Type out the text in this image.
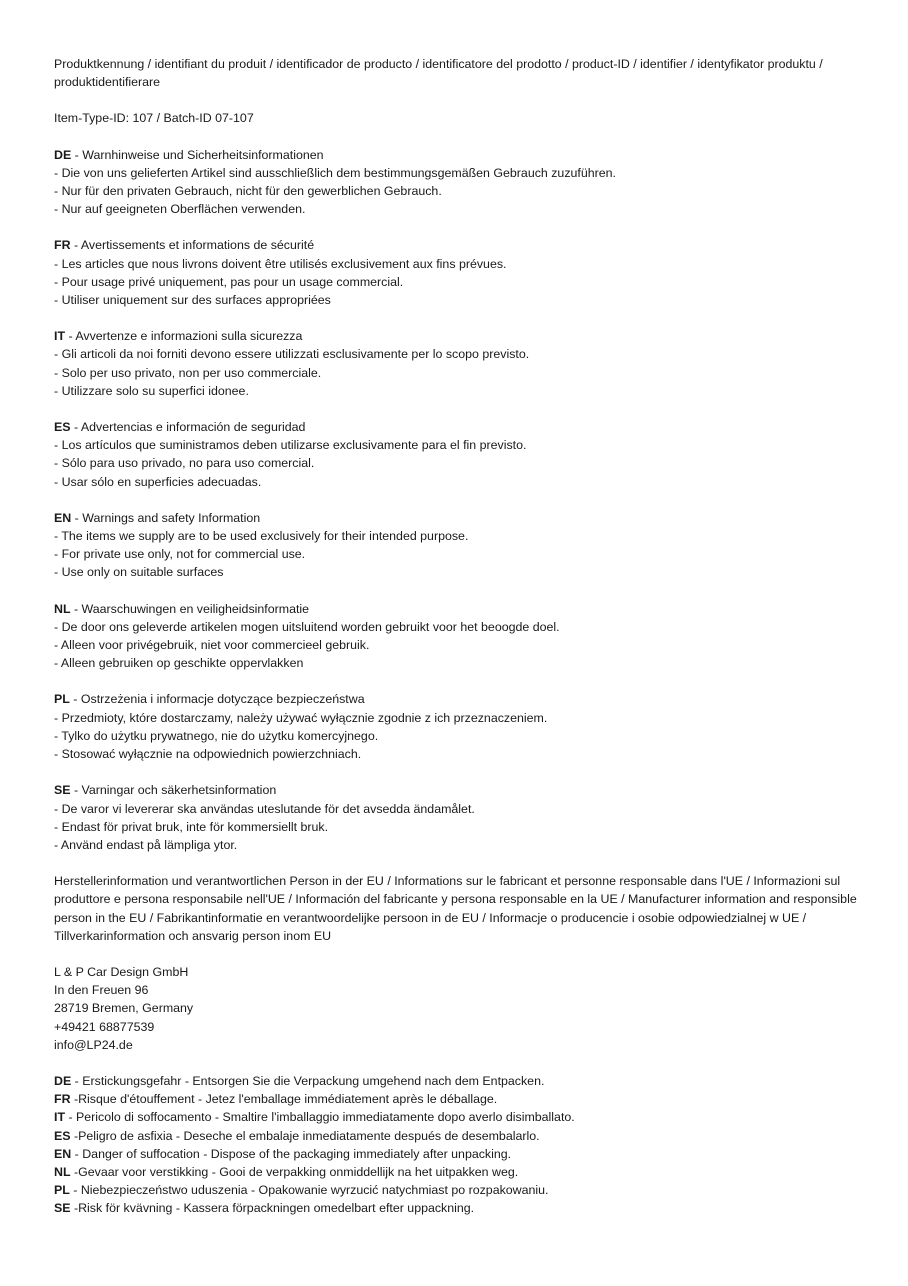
Produktkennung / identifiant du produit / identificador de producto / identificatore del prodotto / product-ID / identifier / identyfikator produktu / produktidentifierare
Item-Type-ID: 107 / Batch-ID 07-107
DE - Warnhinweise und Sicherheitsinformationen
- Die von uns gelieferten Artikel sind ausschließlich dem bestimmungsgemäßen Gebrauch zuzuführen.
- Nur für den privaten Gebrauch, nicht für den gewerblichen Gebrauch.
- Nur auf geeigneten Oberflächen verwenden.
FR - Avertissements et informations de sécurité
- Les articles que nous livrons doivent être utilisés exclusivement aux fins prévues.
- Pour usage privé uniquement, pas pour un usage commercial.
- Utiliser uniquement sur des surfaces appropriées
IT - Avvertenze e informazioni sulla sicurezza
- Gli articoli da noi forniti devono essere utilizzati esclusivamente per lo scopo previsto.
- Solo per uso privato, non per uso commerciale.
- Utilizzare solo su superfici idonee.
ES - Advertencias e información de seguridad
- Los artículos que suministramos deben utilizarse exclusivamente para el fin previsto.
- Sólo para uso privado, no para uso comercial.
- Usar sólo en superficies adecuadas.
EN - Warnings and safety Information
- The items we supply are to be used exclusively for their intended purpose.
- For private use only, not for commercial use.
- Use only on suitable surfaces
NL - Waarschuwingen en veiligheidsinformatie
- De door ons geleverde artikelen mogen uitsluitend worden gebruikt voor het beoogde doel.
- Alleen voor privégebruik, niet voor commercieel gebruik.
- Alleen gebruiken op geschikte oppervlakken
PL - Ostrzeżenia i informacje dotyczące bezpieczeństwa
- Przedmioty, które dostarczamy, należy używać wyłącznie zgodnie z ich przeznaczeniem.
- Tylko do użytku prywatnego, nie do użytku komercyjnego.
- Stosować wyłącznie na odpowiednich powierzchniach.
SE - Varningar och säkerhetsinformation
- De varor vi levererar ska användas uteslutande för det avsedda ändamålet.
- Endast för privat bruk, inte för kommersiellt bruk.
- Använd endast på lämpliga ytor.
Herstellerinformation und verantwortlichen Person in der EU / Informations sur le fabricant et personne responsable dans l'UE / Informazioni sul produttore e persona responsabile nell'UE / Información del fabricante y persona responsable en la UE / Manufacturer information and responsible person in the EU / Fabrikantinformatie en verantwoordelijke persoon in de EU / Informacje o producencie i osobie odpowiedzialnej w UE / Tillverkarinformation och ansvarig person inom EU
L & P Car Design GmbH
In den Freuen 96
28719 Bremen, Germany
+49421 68877539
info@LP24.de
DE - Erstickungsgefahr - Entsorgen Sie die Verpackung umgehend nach dem Entpacken.
FR -Risque d'étouffement - Jetez l'emballage immédiatement après le déballage.
IT - Pericolo di soffocamento - Smaltire l'imballaggio immediatamente dopo averlo disimballato.
ES -Peligro de asfixia - Deseche el embalaje inmediatamente después de desembalarlo.
EN - Danger of suffocation - Dispose of the packaging immediately after unpacking.
NL -Gevaar voor verstikking - Gooi de verpakking onmiddellijk na het uitpakken weg.
PL - Niebezpieczeństwo uduszenia - Opakowanie wyrzucić natychmiast po rozpakowaniu.
SE -Risk för kvävning - Kassera förpackningen omedelbart efter uppackning.
